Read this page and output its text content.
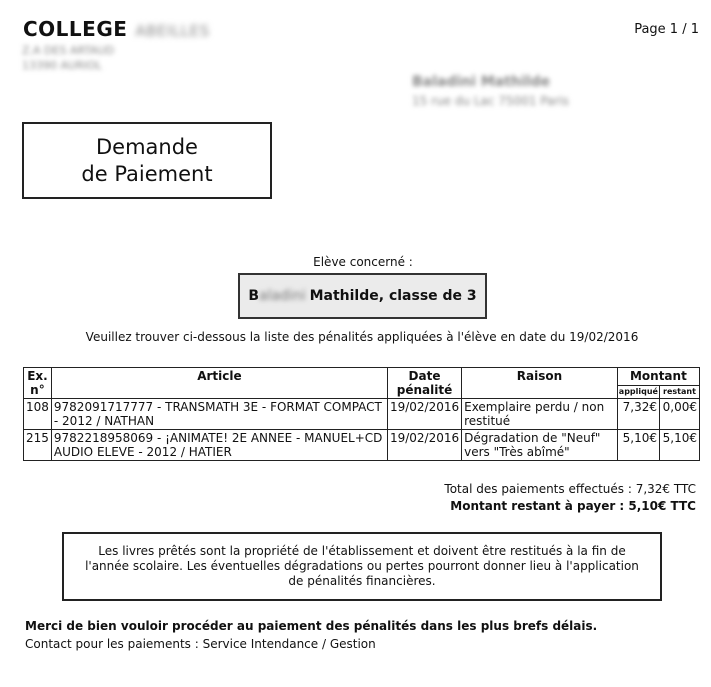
COLLEGE ABEILLES
Z.A DES ARTAUD
13390 AURIOL
Page 1 / 1
Baladini Mathilde
15 rue du Lac 75001 Paris
Demande
de Paiement
Elève concerné :
B aladini Mathilde, classe de 3
Veuillez trouver ci-dessous la liste des pénalités appliquées à l'élève en date du 19/02/2016
Ex. n°	Article	Date pénalité	Raison	Montant	
				appliqué	restant
108	9782091717777 - TRANSMATH 3E - FORMAT COMPACT - 2012 / NATHAN	19/02/2016	Exemplaire perdu / non restitué	7,32€	0,00€
215	9782218958069 - ¡ANIMATE! 2E ANNEE - MANUEL+CD AUDIO ELEVE - 2012 / HATIER	19/02/2016	Dégradation de "Neuf" vers "Très abîmé"	5,10€	5,10€
Total des paiements effectués : 7,32€ TTC
Montant restant à payer : 5,10€ TTC
Les livres prêtés sont la propriété de l'établissement et doivent être restitués à la fin de l'année scolaire. Les éventuelles dégradations ou pertes pourront donner lieu à l'application de pénalités financières.
Merci de bien vouloir procéder au paiement des pénalités dans les plus brefs délais.
Contact pour les paiements : Service Intendance / Gestion
